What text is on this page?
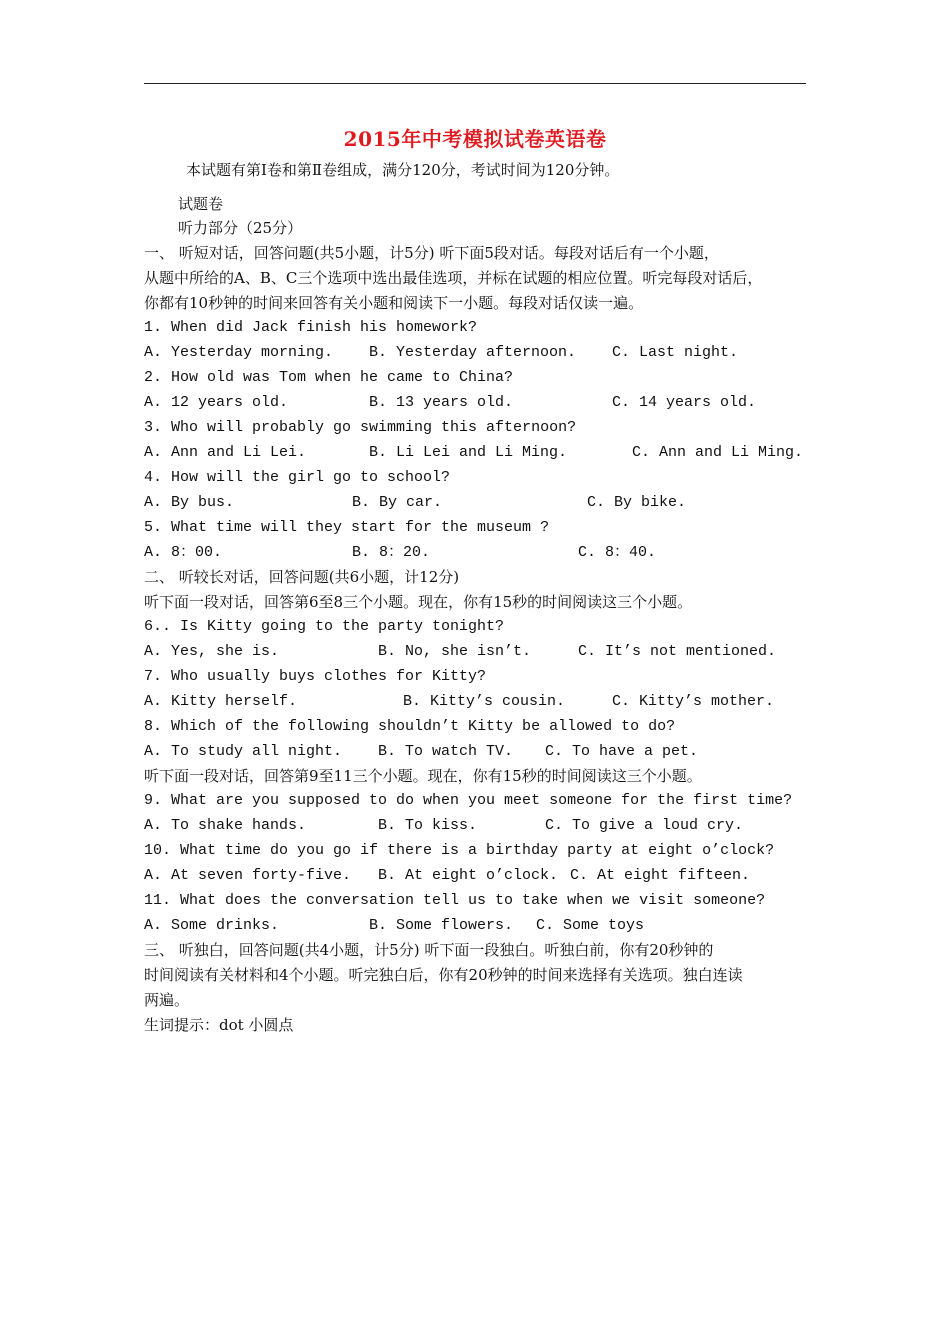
2015年中考模拟试卷英语卷
本试题有第Ⅰ卷和第Ⅱ卷组成，满分120分，考试时间为120分钟。
试题卷
听力部分（25分）
一、 听短对话，回答问题(共5小题，计5分) 听下面5段对话。每段对话后有一个小题，
从题中所给的A、B、C三个选项中选出最佳选项，并标在试题的相应位置。听完每段对话后，
你都有10秒钟的时间来回答有关小题和阅读下一小题。每段对话仅读一遍。
1. When did Jack finish his homework?
A. Yesterday morning. B. Yesterday afternoon. C. Last night.
2. How old was Tom when he came to China?
A. 12 years old.	B. 13 years old.	C. 14 years old.
3. Who will probably go swimming this afternoon?
A. Ann and Li Lei.	B. Li Lei and Li Ming.	C. Ann and Li Ming.
4. How will the girl go to school?
A. By bus.	B. By car.	C. By bike.
5. What time will they start for the museum ?
A. 8：00.	B. 8：20.	C. 8：40.
二、 听较长对话，回答问题(共6小题，计12分)
听下面一段对话，回答第6至8三个小题。现在，你有15秒的时间阅读这三个小题。
6.. Is Kitty going to the party tonight?
A. Yes, she is.	B. No, she isn’t.	C. It’s not mentioned.
7. Who usually buys clothes for Kitty?
A. Kitty herself.	B. Kitty’s cousin.	C. Kitty’s mother.
8. Which of the following shouldn’t Kitty be allowed to do?
A. To study all night. B. To watch TV. C. To have a pet.
听下面一段对话，回答第9至11三个小题。现在，你有15秒的时间阅读这三个小题。
9. What are you supposed to do when you meet someone for the first time?
A. To shake hands.	B. To kiss.	C. To give a loud cry.
10. What time do you go if there is a birthday party at eight o’clock?
A. At seven forty-five. B. At eight o’clock. C. At eight fifteen.
11. What does the conversation tell us to take when we visit someone?
A. Some drinks.	B. Some flowers. C. Some toys
三、 听独白，回答问题(共4小题，计5分) 听下面一段独白。听独白前，你有20秒钟的
时间阅读有关材料和4个小题。听完独白后，你有20秒钟的时间来选择有关选项。独白连读
两遍。
生词提示：dot 小圆点
